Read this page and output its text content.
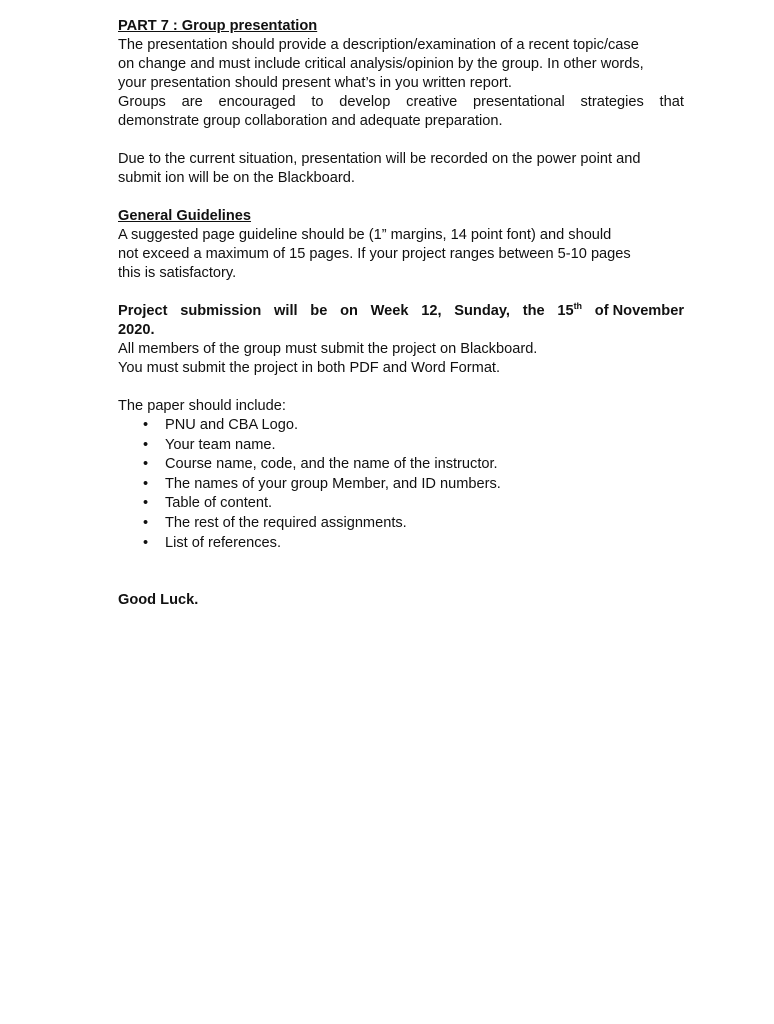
PART 7 : Group presentation
The presentation should provide a description/examination of a recent topic/case
on change and must include critical analysis/opinion by the group. In other words,
your presentation should present what’s in you written report.
Groups are encouraged to develop creative presentational strategies that
demonstrate group collaboration and adequate preparation.
Due to the current situation, presentation will be recorded on the power point and
submit ion will be on the Blackboard.
General Guidelines
A suggested page guideline should be (1” margins, 14 point font) and should
not exceed a maximum of 15 pages. If your project ranges between 5-10 pages
this is satisfactory.
Project submission will be on Week 12, Sunday, the 15th of November
2020.
All members of the group must submit the project on Blackboard.
You must submit the project in both PDF and Word Format.
The paper should include:
• PNU and CBA Logo.
• Your team name.
• Course name, code, and the name of the instructor.
• The names of your group Member, and ID numbers.
• Table of content.
• The rest of the required assignments.
• List of references.
Good Luck.
